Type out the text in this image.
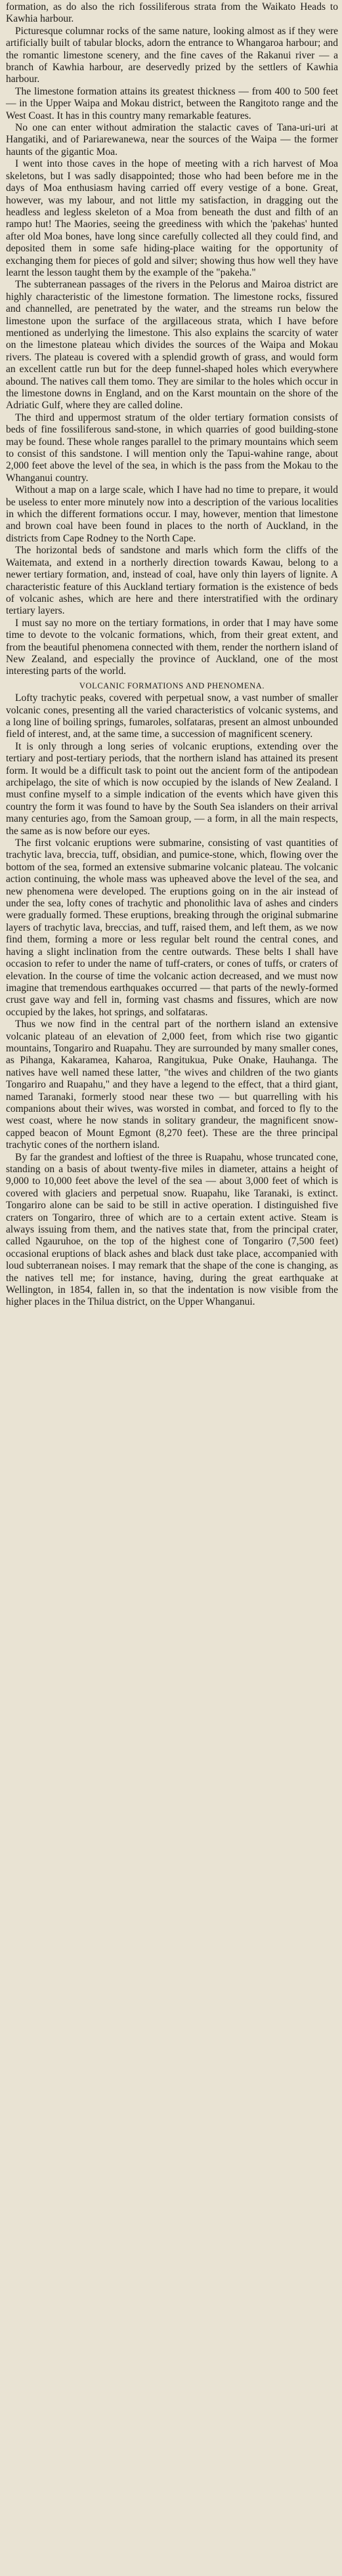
formation, as do also the rich fossiliferous strata from the Waikato Heads to Kawhia harbour.

Picturesque columnar rocks of the same nature, looking almost as if they were artificially built of tabular blocks, adorn the entrance to Whangaroa harbour; and the romantic limestone scenery, and the fine caves of the Rakanui river — a branch of Kawhia harbour, are deservedly prized by the settlers of Kawhia harbour.

The limestone formation attains its greatest thickness — from 400 to 500 feet — in the Upper Waipa and Mokau district, between the Rangitoto range and the West Coast. It has in this country many remarkable features.

No one can enter without admiration the stalactic caves of Tana-uri-uri at Hangatiki, and of Pariarewanewa, near the sources of the Waipa — the former haunts of the gigantic Moa.

I went into those caves in the hope of meeting with a rich harvest of Moa skeletons, but I was sadly disappointed; those who had been before me in the days of Moa enthusiasm having carried off every vestige of a bone. Great, however, was my labour, and not little my satisfaction, in dragging out the headless and legless skeleton of a Moa from beneath the dust and filth of an rampo hut! The Maories, seeing the greediness with which the 'pakehas' hunted after old Moa bones, have long since carefully collected all they could find, and deposited them in some safe hiding-place waiting for the opportunity of exchanging them for pieces of gold and silver; showing thus how well they have learnt the lesson taught them by the example of the "pakeha."

The subterranean passages of the rivers in the Pelorus and Mairoa district are highly characteristic of the limestone formation. The limestone rocks, fissured and channelled, are penetrated by the water, and the streams run below the limestone upon the surface of the argillaceous strata, which I have before mentioned as underlying the limestone. This also explains the scarcity of water on the limestone plateau which divides the sources of the Waipa and Mokau rivers. The plateau is covered with a splendid growth of grass, and would form an excellent cattle run but for the deep funnel-shaped holes which everywhere abound. The natives call them tomo. They are similar to the holes which occur in the limestone downs in England, and on the Karst mountain on the shore of the Adriatic Gulf, where they are called doline.

The third and uppermost stratum of the older tertiary formation consists of beds of fine fossiliferous sand-stone, in which quarries of good building-stone may be found. These whole ranges parallel to the primary mountains which seem to consist of this sandstone. I will mention only the Tapui-wahine range, about 2,000 feet above the level of the sea, in which is the pass from the Mokau to the Whanganui country.

Without a map on a large scale, which I have had no time to prepare, it would be useless to enter more minutely now into a description of the various localities in which the different formations occur. I may, however, mention that limestone and brown coal have been found in places to the north of Auckland, in the districts from Cape Rodney to the North Cape.

The horizontal beds of sandstone and marls which form the cliffs of the Waitemata, and extend in a northerly direction towards Kawau, belong to a newer tertiary formation, and, instead of coal, have only thin layers of lignite. A characteristic feature of this Auckland tertiary formation is the existence of beds of volcanic ashes, which are here and there interstratified with the ordinary tertiary layers.

I must say no more on the tertiary formations, in order that I may have some time to devote to the volcanic formations, which, from their great extent, and from the beautiful phenomena connected with them, render the northern island of New Zealand, and especially the province of Auckland, one of the most interesting parts of the world.

VOLCANIC FORMATIONS AND PHENOMENA.

Lofty trachytic peaks, covered with perpetual snow, a vast number of smaller volcanic cones, presenting all the varied characteristics of volcanic systems, and a long line of boiling springs, fumaroles, solfataras, present an almost unbounded field of interest, and, at the same time, a succession of magnificent scenery.

It is only through a long series of volcanic eruptions, extending over the tertiary and post-tertiary periods, that the northern island has attained its present form. It would be a difficult task to point out the ancient form of the antipodean archipelago, the site of which is now occupied by the islands of New Zealand. I must confine myself to a simple indication of the events which have given this country the form it was found to have by the South Sea islanders on their arrival many centuries ago, from the Samoan group, — a form, in all the main respects, the same as is now before our eyes.

The first volcanic eruptions were submarine, consisting of vast quantities of trachytic lava, breccia, tuff, obsidian, and pumice-stone, which, flowing over the bottom of the sea, formed an extensive submarine volcanic plateau. The volcanic action continuing, the whole mass was upheaved above the level of the sea, and new phenomena were developed. The eruptions going on in the air instead of under the sea, lofty cones of trachytic and phonolithic lava of ashes and cinders were gradually formed. These eruptions, breaking through the original submarine layers of trachytic lava, breccias, and tuff, raised them, and left them, as we now find them, forming a more or less regular belt round the central cones, and having a slight inclination from the centre outwards. These belts I shall have occasion to refer to under the name of tuff-craters, or cones of tuffs, or craters of elevation. In the course of time the volcanic action decreased, and we must now imagine that tremendous earthquakes occurred — that parts of the newly-formed crust gave way and fell in, forming vast chasms and fissures, which are now occupied by the lakes, hot springs, and solfataras.

Thus we now find in the central part of the northern island an extensive volcanic plateau of an elevation of 2,000 feet, from which rise two gigantic mountains, Tongariro and Ruapahu. They are surrounded by many smaller cones, as Pihanga, Kakaramea, Kaharoa, Rangitukua, Puke Onake, Hauhanga. The natives have well named these latter, "the wives and children of the two giants Tongariro and Ruapahu," and they have a legend to the effect, that a third giant, named Taranaki, formerly stood near these two — but quarrelling with his companions about their wives, was worsted in combat, and forced to fly to the west coast, where he now stands in solitary grandeur, the magnificent snow-capped beacon of Mount Egmont (8,270 feet). These are the three principal trachytic cones of the northern island.

By far the grandest and loftiest of the three is Ruapahu, whose truncated cone, standing on a basis of about twenty-five miles in diameter, attains a height of 9,000 to 10,000 feet above the level of the sea — about 3,000 feet of which is covered with glaciers and perpetual snow. Ruapahu, like Taranaki, is extinct. Tongariro alone can be said to be still in active operation. I distinguished five craters on Tongariro, three of which are to a certain extent active. Steam is always issuing from them, and the natives state that, from the principal crater, called Ngauruhoe, on the top of the highest cone of Tongariro (7,500 feet) occasional eruptions of black ashes and black dust take place, accompanied with loud subterranean noises. I may remark that the shape of the cone is changing, as the natives tell me; for instance, having, during the great earthquake at Wellington, in 1854, fallen in, so that the indentation is now visible from the higher places in the Thilua district, on the Upper Whanganui.
